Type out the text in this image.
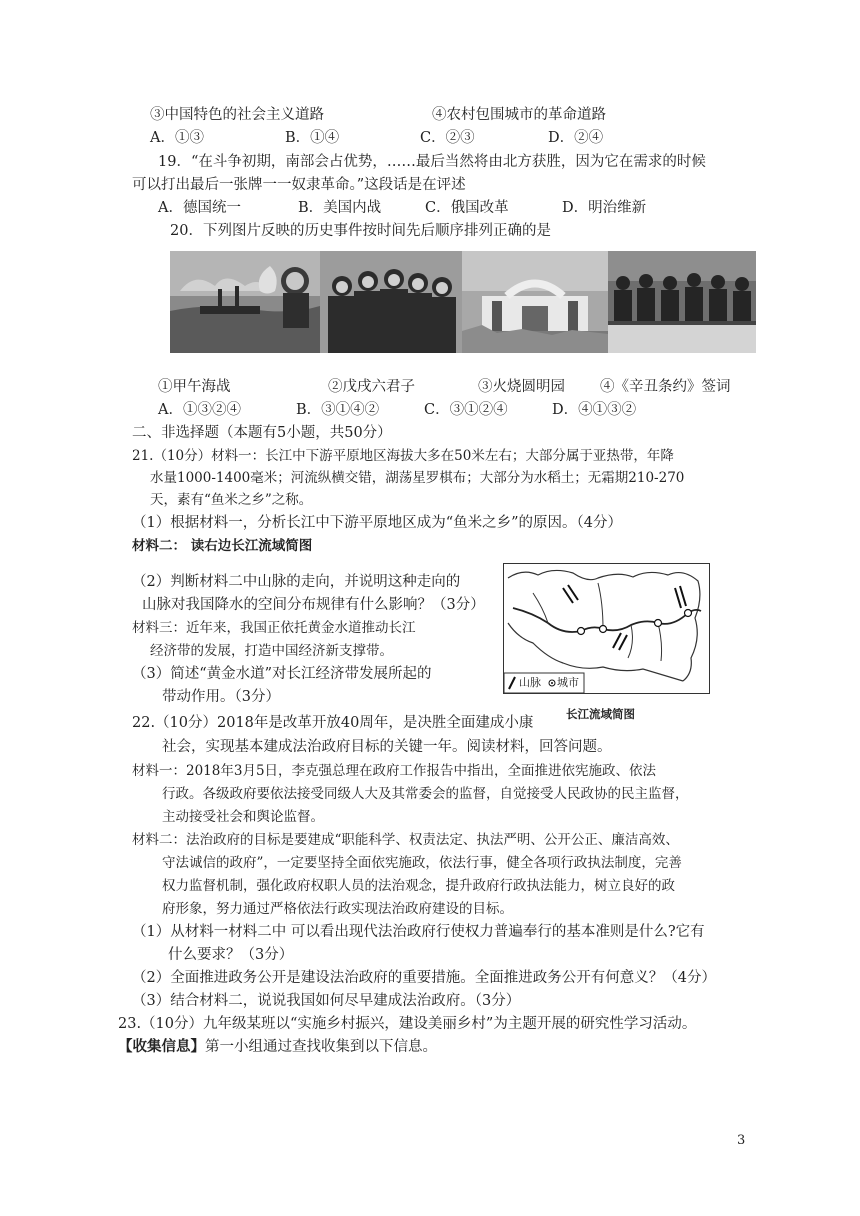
③中国特色的社会主义道路	④农村包围城市的革命道路
A．①③	B．①④	C．②③	D．②④
19．“在斗争初期，南部会占优势，……最后当然将由北方获胜，因为它在需求的时候
可以打出最后一张牌一一奴隶革命。”这段话是在评述
A．德国统一	B．美国内战	C．俄国改革	D．明治维新
20．下列图片反映的历史事件按时间先后顺序排列正确的是
①甲午海战	②戊戌六君子	③火烧圆明园 ④《辛丑条约》签词
A．①③②④	B．③①④②	C．③①②④	D．④①③②
二、非选择题（本题有5小题，共50分）
21.（10分）材料一：长江中下游平原地区海拔大多在50米左右；大部分属于亚热带，年降
水量1000-1400毫米；河流纵横交错，湖荡星罗棋布；大部分为水稻土；无霜期210-270
天，素有“鱼米之乡”之称。
（1）根据材料一，分析长江中下游平原地区成为“鱼米之乡”的原因。（4分）
材料二： 读右边长江流域简图
（2）判断材料二中山脉的走向，并说明这种走向的
山脉对我国降水的空间分布规律有什么影响？（3分）
材料三：近年来，我国正依托黄金水道推动长江
经济带的发展，打造中国经济新支撑带。
（3）简述“黄金水道”对长江经济带发展所起的
带动作用。（3分）
山脉 城市
长江流域简图
22.（10分）2018年是改革开放40周年，是决胜全面建成小康
社会，实现基本建成法治政府目标的关键一年。阅读材料，回答问题。
材料一：2018年3月5日，李克强总理在政府工作报告中指出，全面推进依宪施政、依法
行政。各级政府要依法接受同级人大及其常委会的监督，自觉接受人民政协的民主监督，
主动接受社会和舆论监督。
材料二：法治政府的目标是要建成“职能科学、权责法定、执法严明、公开公正、廉洁高效、
守法诚信的政府”，一定要坚持全面依宪施政，依法行事，健全各项行政执法制度，完善
权力监督机制，强化政府权职人员的法治观念，提升政府行政执法能力，树立良好的政
府形象，努力通过严格依法行政实现法治政府建设的目标。
（1）从材料一材料二中 可以看出现代法治政府行使权力普遍奉行的基本准则是什么?它有
什么要求？（3分）
（2）全面推进政务公开是建设法治政府的重要措施。全面推进政务公开有何意义？（4分）
（3）结合材料二，说说我国如何尽早建成法治政府。（3分）
23.（10分）九年级某班以“实施乡村振兴，建设美丽乡村”为主题开展的研究性学习活动。
【收集信息】第一小组通过查找收集到以下信息。
3
